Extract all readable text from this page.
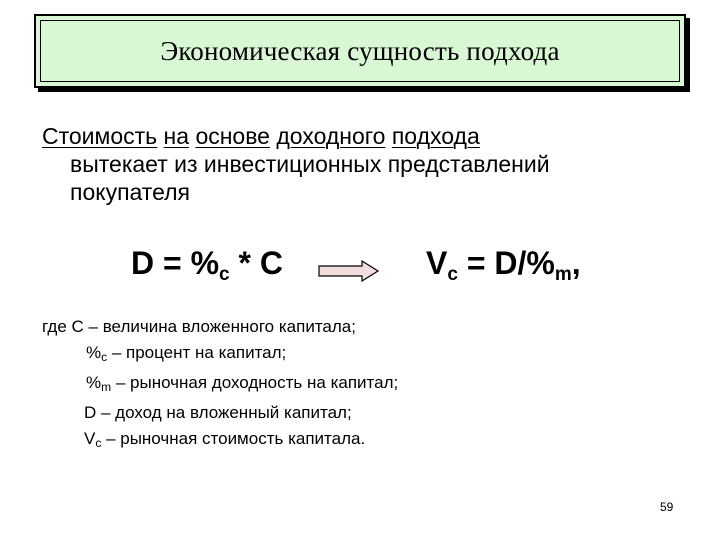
Экономическая сущность подхода
Стоимость на основе доходного подхода
вытекает из инвестиционных представлений
покупателя
$D = \%_c * C$	$V_c = D/\%_m$,
где С – величина вложенного капитала;
$\%_c$ – процент на капитал;
$\%_m$ – рыночная доходность на капитал;
D – доход на вложенный капитал;
$V_c$ – рыночная стоимость капитала.
59
